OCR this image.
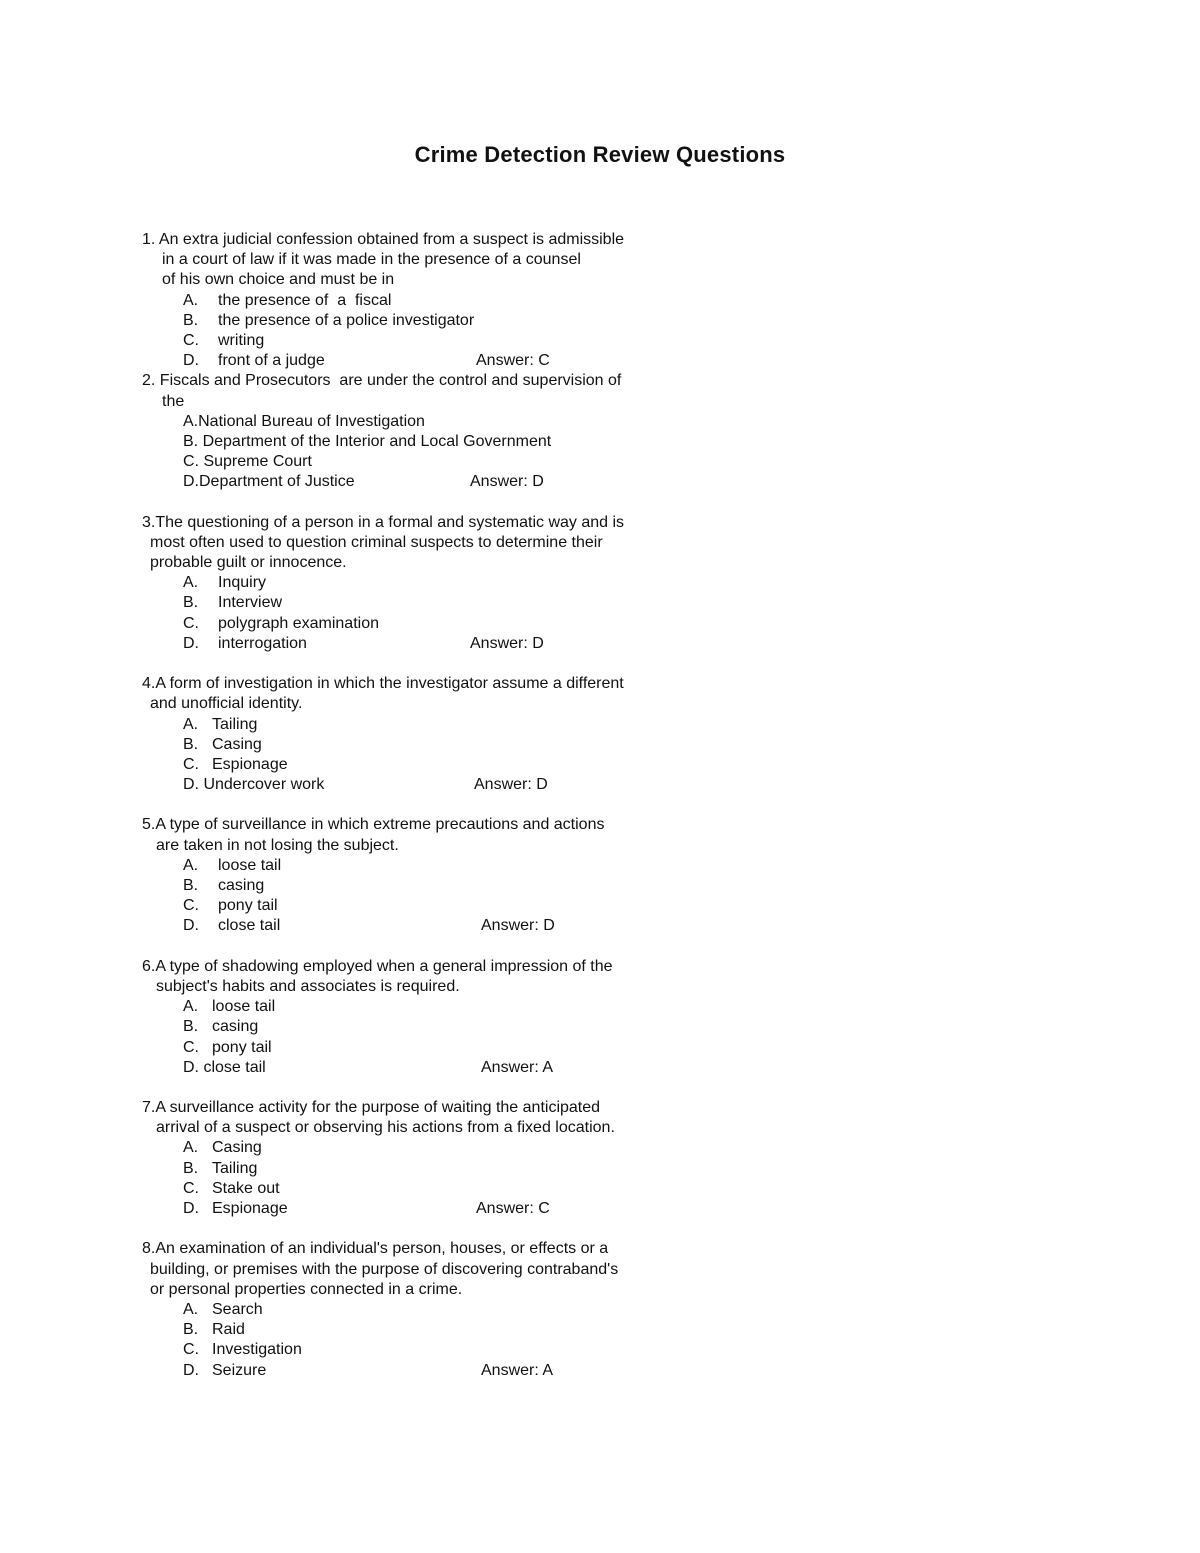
Crime Detection Review Questions
1. An extra judicial confession obtained from a suspect is admissible
in a court of law if it was made in the presence of a counsel
of his own choice and must be in
A. the presence of  a  fiscal
B. the presence of a police investigator
C. writing
D. front of a judge	Answer: C
2. Fiscals and Prosecutors  are under the control and supervision of
the
A.National Bureau of Investigation
B. Department of the Interior and Local Government
C. Supreme Court
D.Department of Justice	Answer: D
3.The questioning of a person in a formal and systematic way and is
most often used to question criminal suspects to determine their
probable guilt or innocence.
A. Inquiry
B. Interview
C. polygraph examination
D. interrogation	Answer: D
4.A form of investigation in which the investigator assume a different
and unofficial identity.
A. Tailing
B. Casing
C. Espionage
D. Undercover work	Answer: D
5.A type of surveillance in which extreme precautions and actions
are taken in not losing the subject.
A. loose tail
B. casing
C. pony tail
D. close tail	Answer: D
6.A type of shadowing employed when a general impression of the
subject's habits and associates is required.
A. loose tail
B. casing
C. pony tail
D. close tail	Answer: A
7.A surveillance activity for the purpose of waiting the anticipated
arrival of a suspect or observing his actions from a fixed location.
A. Casing
B. Tailing
C. Stake out
D. Espionage	Answer: C
8.An examination of an individual's person, houses, or effects or a
building, or premises with the purpose of discovering contraband's
or personal properties connected in a crime.
A. Search
B. Raid
C. Investigation
D. Seizure	Answer: A
